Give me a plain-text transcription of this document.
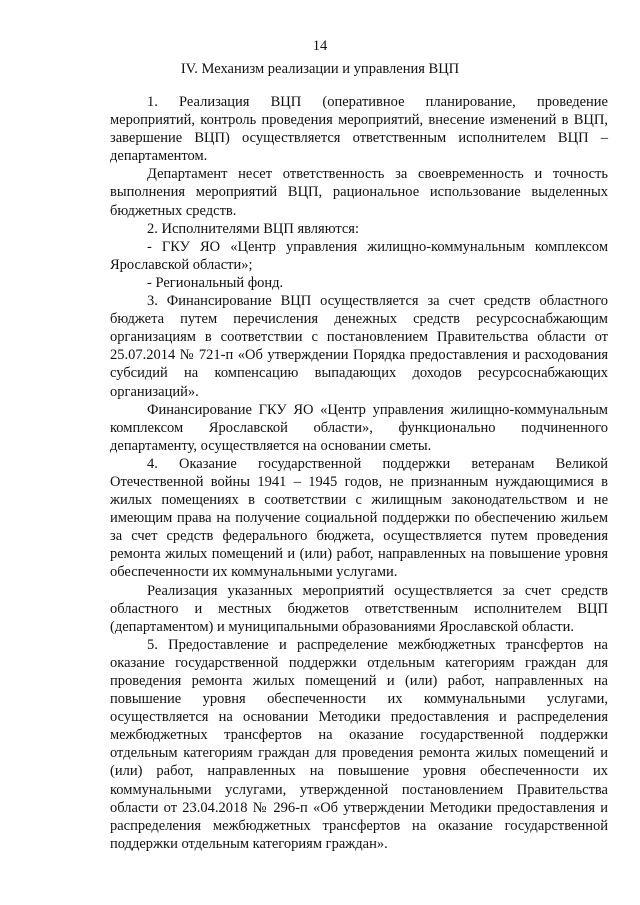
14
IV. Механизм реализации и управления ВЦП

1. Реализация ВЦП (оперативное планирование, проведение мероприятий, контроль проведения мероприятий, внесение изменений в ВЦП, завершение ВЦП) осуществляется ответственным исполнителем ВЦП – департаментом.

Департамент несет ответственность за своевременность и точность выполнения мероприятий ВЦП, рациональное использование выделенных бюджетных средств.

2. Исполнителями ВЦП являются:

- ГКУ ЯО «Центр управления жилищно-коммунальным комплексом Ярославской области»;

- Региональный фонд.

3. Финансирование ВЦП осуществляется за счет средств областного бюджета путем перечисления денежных средств ресурсоснабжающим организациям в соответствии с постановлением Правительства области от 25.07.2014 № 721-п «Об утверждении Порядка предоставления и расходования субсидий на компенсацию выпадающих доходов ресурсоснабжающих организаций».

Финансирование ГКУ ЯО «Центр управления жилищно-коммунальным комплексом Ярославской области», функционально подчиненного департаменту, осуществляется на основании сметы.

4. Оказание государственной поддержки ветеранам Великой Отечественной войны 1941 – 1945 годов, не признанным нуждающимися в жилых помещениях в соответствии с жилищным законодательством и не имеющим права на получение социальной поддержки по обеспечению жильем за счет средств федерального бюджета, осуществляется путем проведения ремонта жилых помещений и (или) работ, направленных на повышение уровня обеспеченности их коммунальными услугами.

Реализация указанных мероприятий осуществляется за счет средств областного и местных бюджетов ответственным исполнителем ВЦП (департаментом) и муниципальными образованиями Ярославской области.

5. Предоставление и распределение межбюджетных трансфертов на оказание государственной поддержки отдельным категориям граждан для проведения ремонта жилых помещений и (или) работ, направленных на повышение уровня обеспеченности их коммунальными услугами, осуществляется на основании Методики предоставления и распределения межбюджетных трансфертов на оказание государственной поддержки отдельным категориям граждан для проведения ремонта жилых помещений и (или) работ, направленных на повышение уровня обеспеченности их коммунальными услугами, утвержденной постановлением Правительства области от 23.04.2018 № 296-п «Об утверждении Методики предоставления и распределения межбюджетных трансфертов на оказание государственной поддержки отдельным категориям граждан».
